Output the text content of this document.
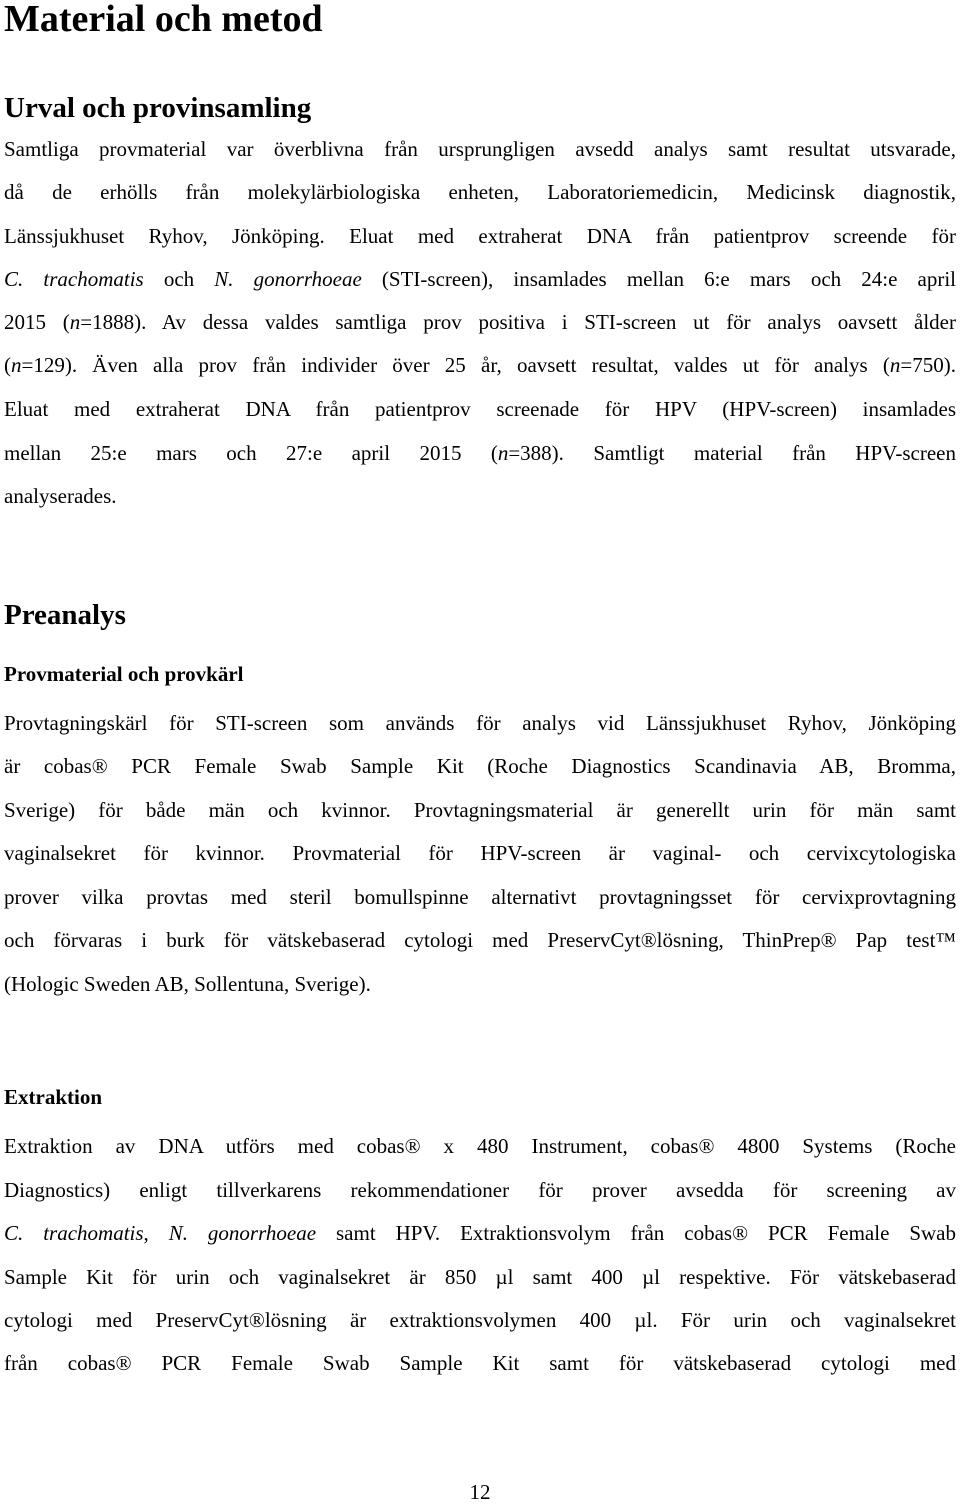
Material och metod
Urval och provinsamling
Samtliga provmaterial var överblivna från ursprungligen avsedd analys samt resultat utsvarade,
då de erhölls från molekylärbiologiska enheten, Laboratoriemedicin, Medicinsk diagnostik,
Länssjukhuset Ryhov, Jönköping. Eluat med extraherat DNA från patientprov screende för
C. trachomatis och N. gonorrhoeae (STI-screen), insamlades mellan 6:e mars och 24:e april
2015 (n=1888). Av dessa valdes samtliga prov positiva i STI-screen ut för analys oavsett ålder
(n=129). Även alla prov från individer över 25 år, oavsett resultat, valdes ut för analys (n=750).
Eluat med extraherat DNA från patientprov screenade för HPV (HPV-screen) insamlades
mellan 25:e mars och 27:e april 2015 (n=388). Samtligt material från HPV-screen
analyserades.
Preanalys
Provmaterial och provkärl
Provtagningskärl för STI-screen som används för analys vid Länssjukhuset Ryhov, Jönköping
är cobas® PCR Female Swab Sample Kit (Roche Diagnostics Scandinavia AB, Bromma,
Sverige) för både män och kvinnor. Provtagningsmaterial är generellt urin för män samt
vaginalsekret för kvinnor. Provmaterial för HPV-screen är vaginal- och cervixcytologiska
prover vilka provtas med steril bomullspinne alternativt provtagningsset för cervixprovtagning
och förvaras i burk för vätskebaserad cytologi med PreservCyt®lösning, ThinPrep® Pap test™
(Hologic Sweden AB, Sollentuna, Sverige).
Extraktion
Extraktion av DNA utförs med cobas® x 480 Instrument, cobas® 4800 Systems (Roche
Diagnostics) enligt tillverkarens rekommendationer för prover avsedda för screening av
C. trachomatis, N. gonorrhoeae samt HPV. Extraktionsvolym från cobas® PCR Female Swab
Sample Kit för urin och vaginalsekret är 850 µl samt 400 µl respektive. För vätskebaserad
cytologi med PreservCyt®lösning är extraktionsvolymen 400 µl. För urin och vaginalsekret
från cobas® PCR Female Swab Sample Kit samt för vätskebaserad cytologi med
12
